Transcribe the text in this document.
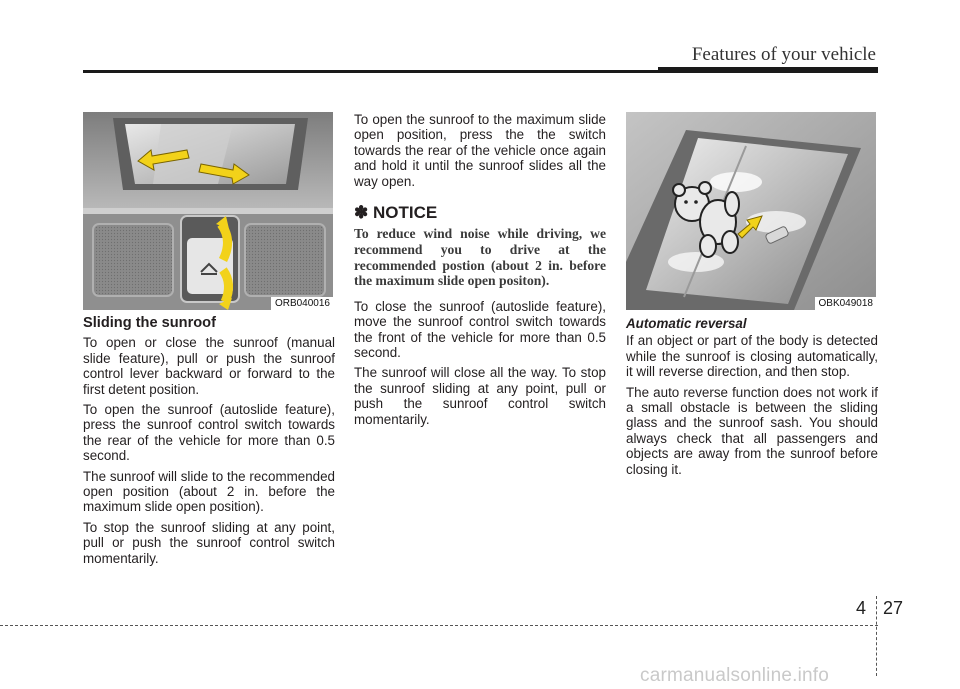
Features of your vehicle
ORB040016
Sliding the sunroof

To open or close the sunroof (manual slide feature), pull or push the sunroof control lever backward or forward to the first detent position.

To open the sunroof (autoslide feature), press the sunroof control switch towards the rear of the vehicle for more than 0.5 second.

The sunroof will slide to the recommended open position (about 2 in. before the maximum slide open position).

To stop the sunroof sliding at any point, pull or push the sunroof control switch momentarily.

To open the sunroof to the maximum slide open position, press the the switch towards the rear of the vehicle once again and hold it until the sunroof slides all the way open.

✽ NOTICE

To reduce wind noise while driving, we recommend you to drive at the recommended postion (about 2 in. before the maximum slide open positon).

To close the sunroof (autoslide feature), move the sunroof control switch towards the front of the vehicle for more than 0.5 second.

The sunroof will close all the way. To stop the sunroof sliding at any point, pull or push the sunroof control switch momentarily.

OBK049018
Automatic reversal

If an object or part of the body is detected while the sunroof is closing automatically, it will reverse direction, and then stop.

The auto reverse function does not work if a small obstacle is between the sliding glass and the sunroof sash. You should always check that all passengers and objects are away from the sunroof before closing it.

4 27
carmanualsonline.info
